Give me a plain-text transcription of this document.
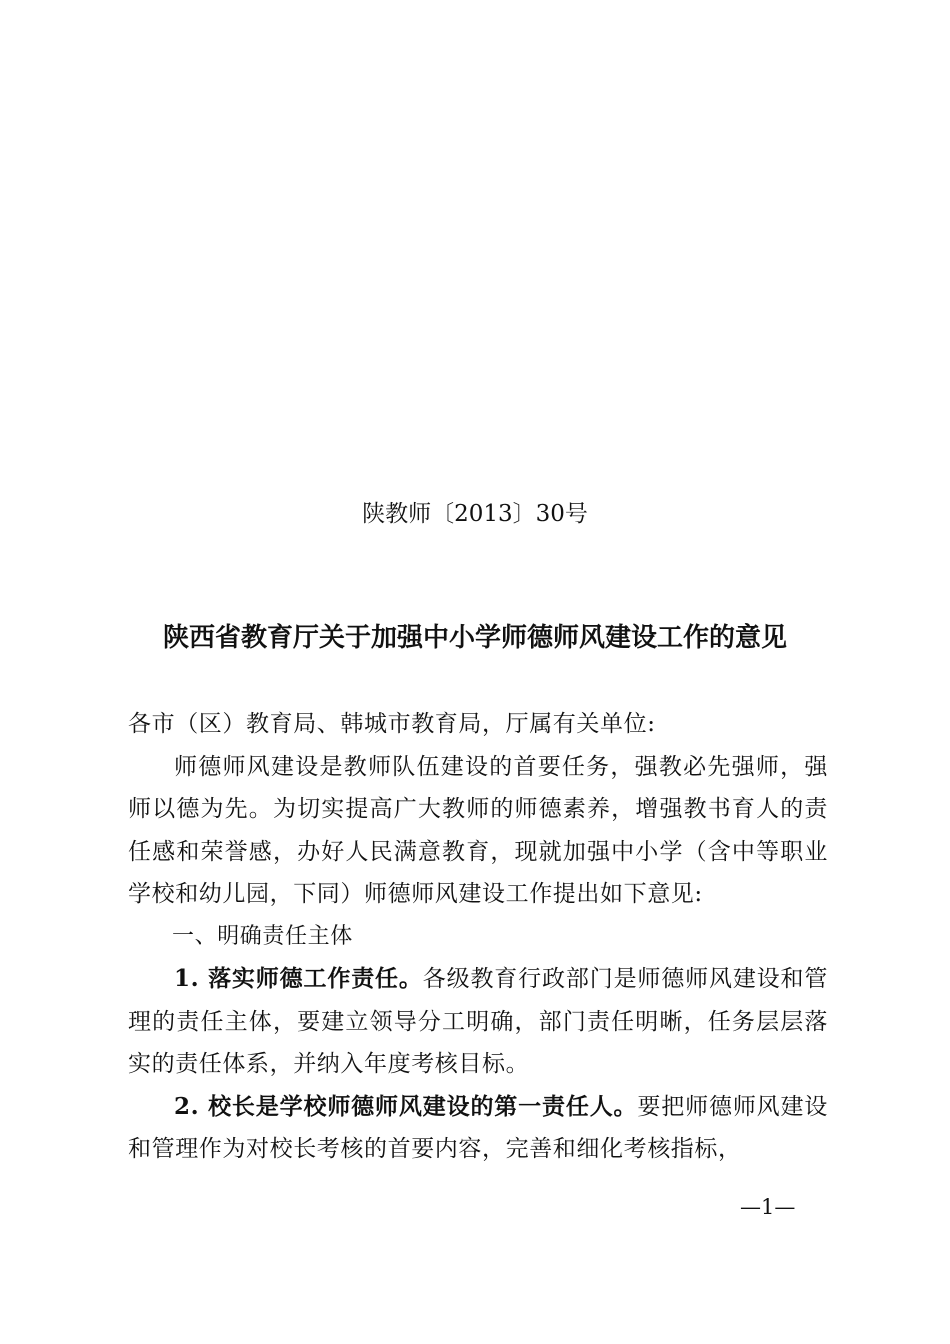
陕教师〔2013〕30号
陕西省教育厅关于加强中小学师德师风建设工作的意见

各市（区）教育局、韩城市教育局，厅属有关单位:

师德师风建设是教师队伍建设的首要任务，强教必先强师，强师以德为先。为切实提高广大教师的师德素养，增强教书育人的责任感和荣誉感，办好人民满意教育，现就加强中小学（含中等职业学校和幼儿园，下同）师德师风建设工作提出如下意见:

一、明确责任主体

1. 落实师德工作责任。各级教育行政部门是师德师风建设和管理的责任主体，要建立领导分工明确，部门责任明晰，任务层层落实的责任体系，并纳入年度考核目标。

2. 校长是学校师德师风建设的第一责任人。要把师德师风建设和管理作为对校长考核的首要内容，完善和细化考核指标，

—1—
